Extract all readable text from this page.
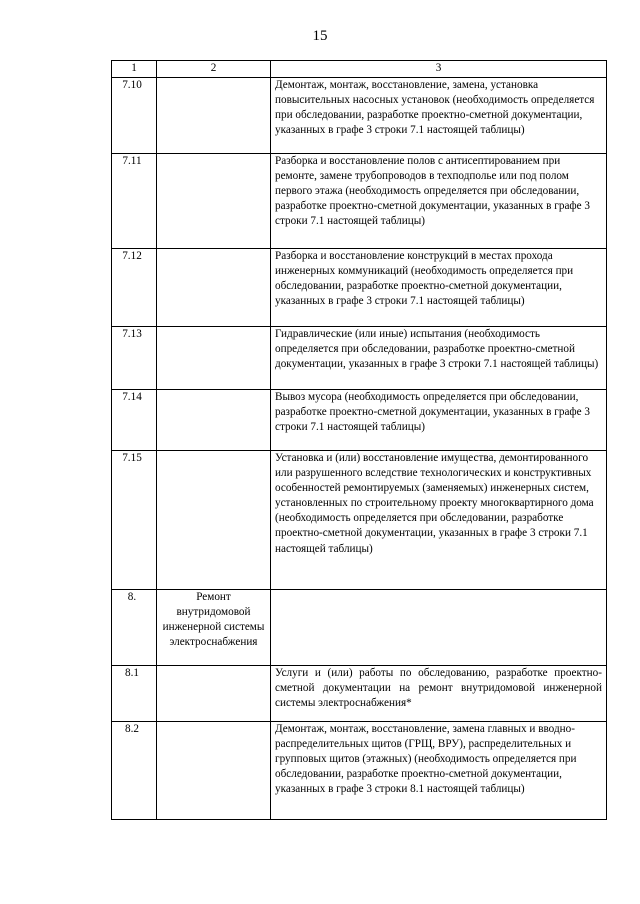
15
1	2	3
7.10		Демонтаж, монтаж, восстановление, замена, установка повысительных насосных установок (необходимость определяется при обследовании, разработке проектно-сметной документации, указанных в графе 3 строки 7.1 настоящей таблицы)
7.11		Разборка и восстановление полов с антисептированием при ремонте, замене трубопроводов в техподполье или под полом первого этажа (необходимость определяется при обследовании, разработке проектно-сметной документации, указанных в графе 3 строки 7.1 настоящей таблицы)
7.12		Разборка и восстановление конструкций в местах прохода инженерных коммуникаций (необходимость определяется при обследовании, разработке проектно-сметной документации, указанных в графе 3 строки 7.1 настоящей таблицы)
7.13		Гидравлические (или иные) испытания (необходимость определяется при обследовании, разработке проектно-сметной документации, указанных в графе 3 строки 7.1 настоящей таблицы)
7.14		Вывоз мусора (необходимость определяется при обследовании, разработке проектно-сметной документации, указанных в графе 3 строки 7.1 настоящей таблицы)
7.15		Установка и (или) восстановление имущества, демонтированного или разрушенного вследствие технологических и конструктивных особенностей ремонтируемых (заменяемых) инженерных систем, установленных по строительному проекту многоквартирного дома (необходимость определяется при обследовании, разработке проектно-сметной документации, указанных в графе 3 строки 7.1 настоящей таблицы)
8.	Ремонт внутридомовой инженерной системы электроснабжения	
8.1		Услуги и (или) работы по обследованию, разработке проектно-сметной документации на ремонт внутридомовой инженерной системы электроснабжения*
8.2		Демонтаж, монтаж, восстановление, замена главных и вводно-распределительных щитов (ГРЩ, ВРУ), распределительных и групповых щитов (этажных) (необходимость определяется при обследовании, разработке проектно-сметной документации, указанных в графе 3 строки 8.1 настоящей таблицы)
